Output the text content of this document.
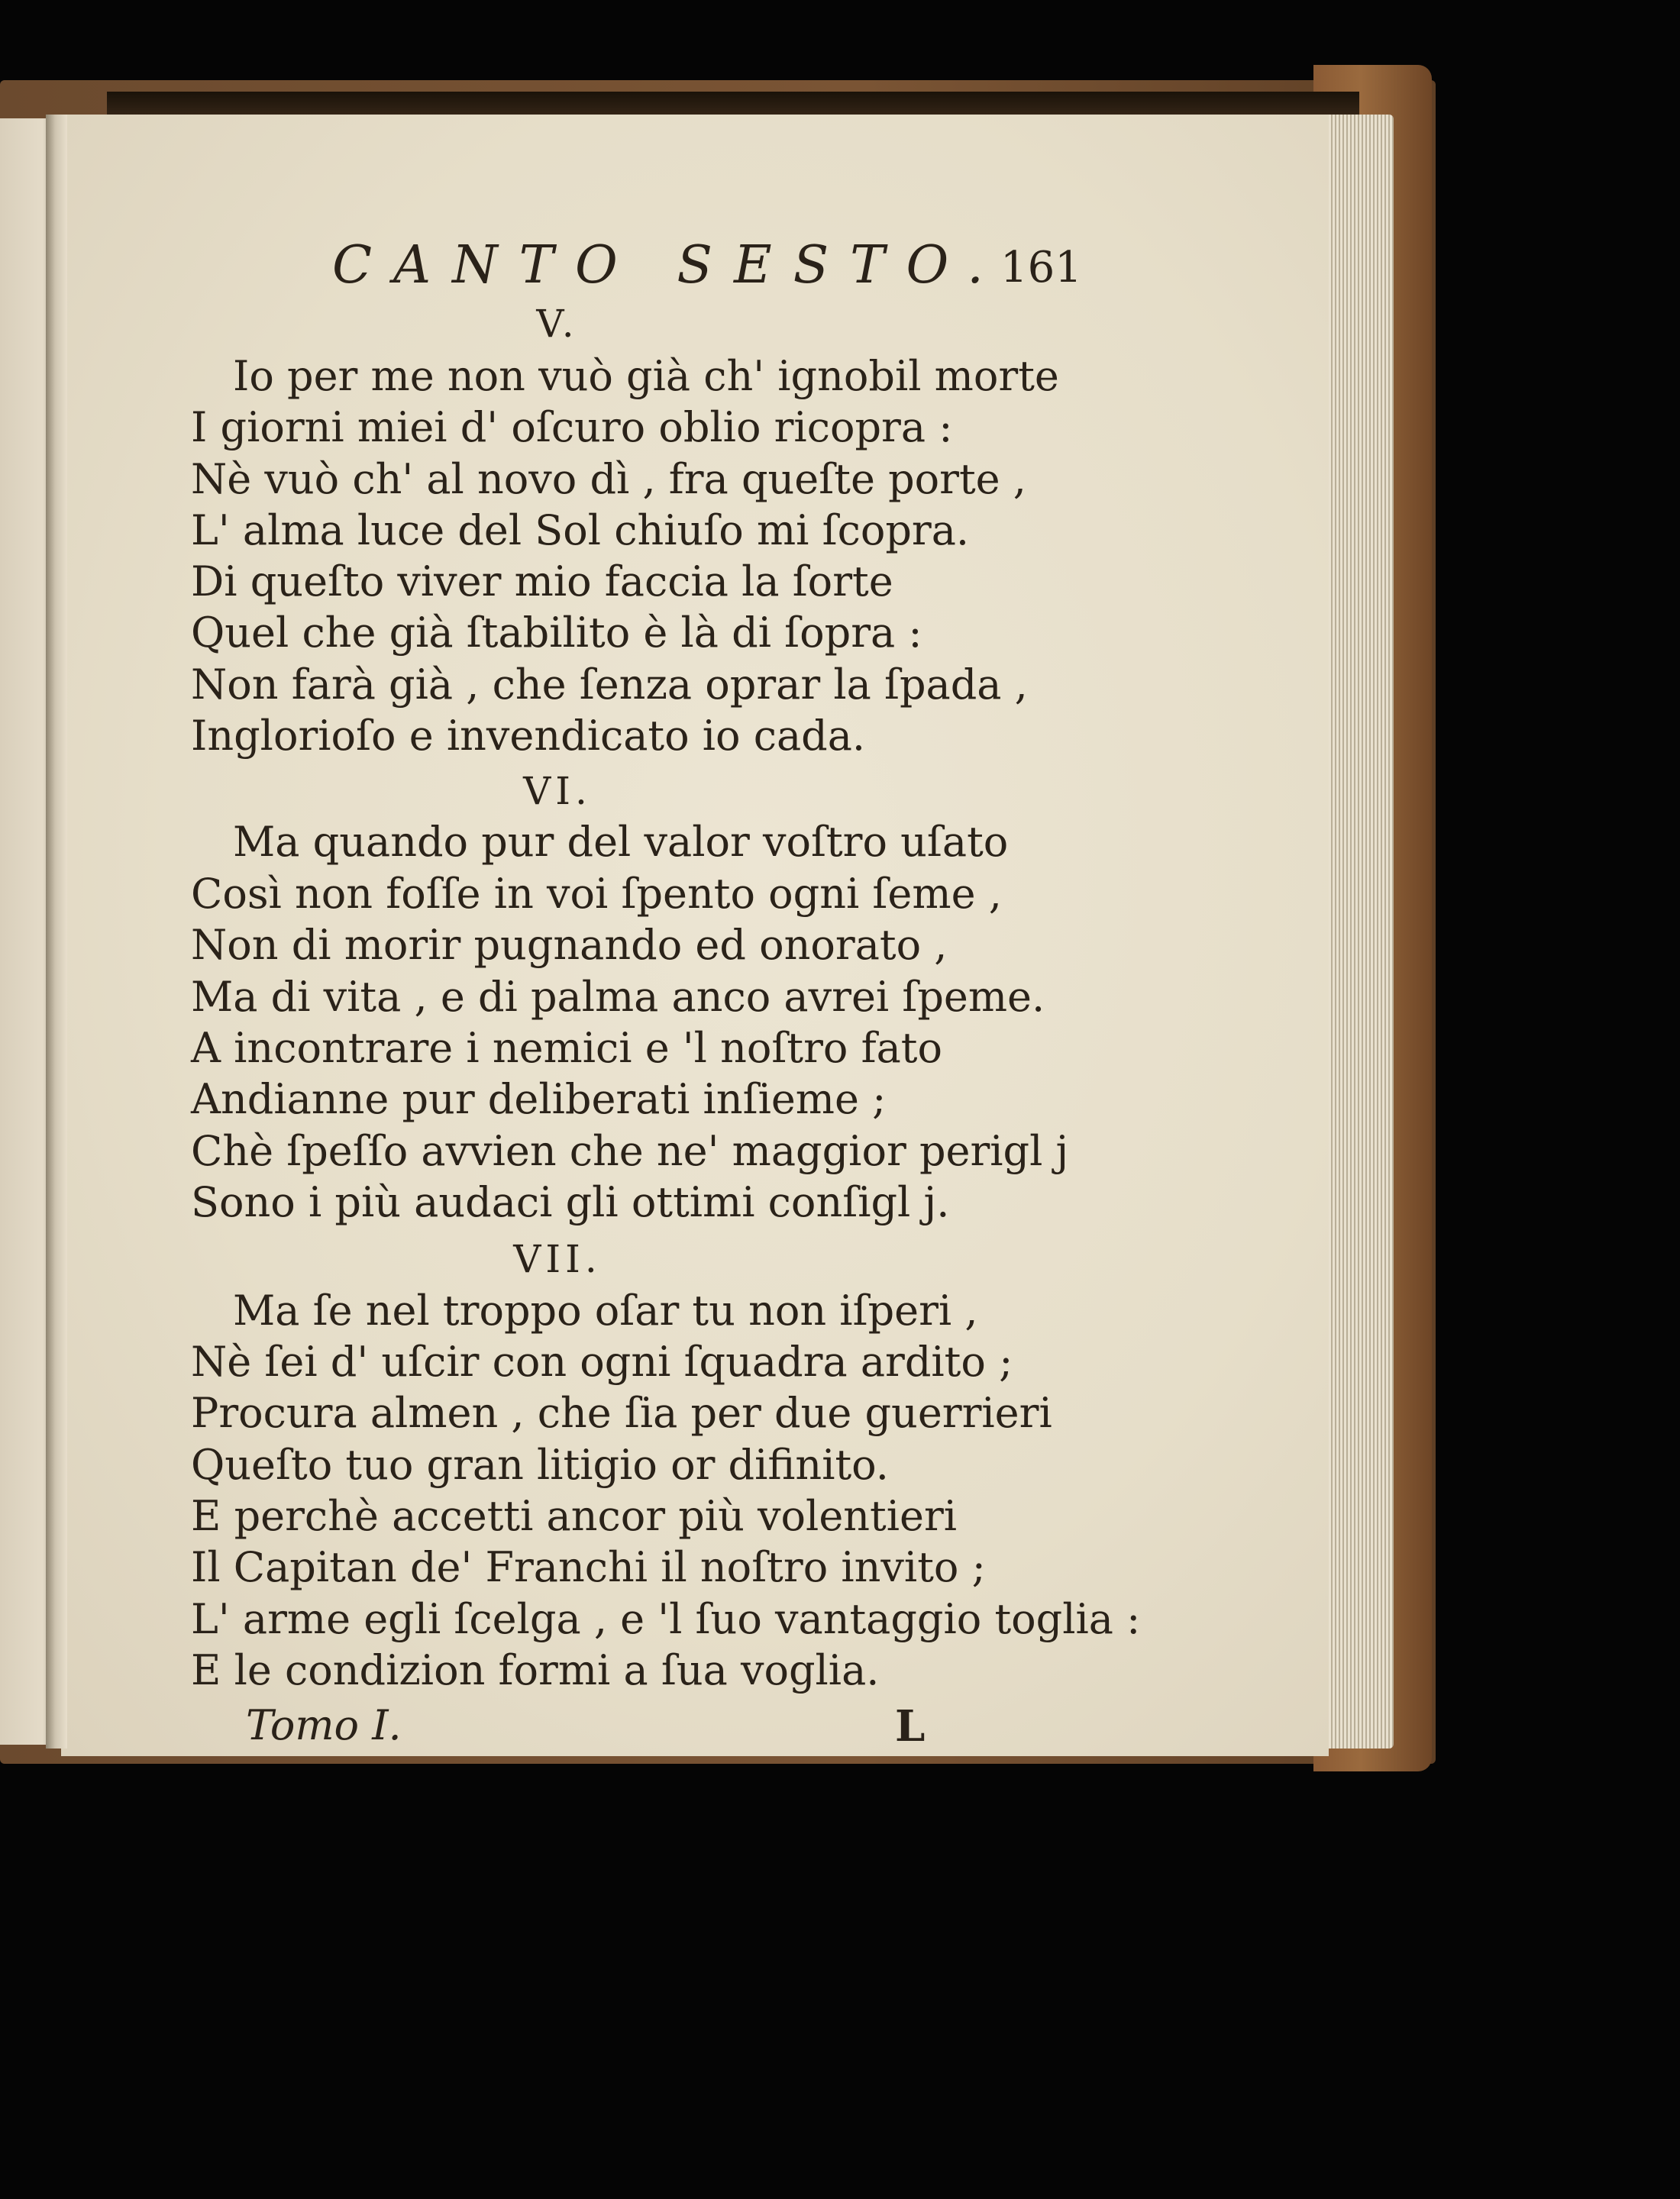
CANTO SESTO.
161
V.
Io per me non vuò già ch' ignobil morte
I giorni miei d' oſcuro oblio ricopra :
Nè vuò ch' al novo dì , fra queſte porte ,
L' alma luce del Sol chiuſo mi ſcopra.
Di queſto viver mio faccia la ſorte
Quel che già ſtabilito è là di ſopra :
Non farà già , che ſenza oprar la ſpada ,
Inglorioſo e invendicato io cada.
VI.
Ma quando pur del valor voſtro uſato
Così non foſſe in voi ſpento ogni ſeme ,
Non di morir pugnando ed onorato ,
Ma di vita , e di palma anco avrei ſpeme.
A incontrare i nemici e 'l noſtro fato
Andianne pur deliberati inſieme ;
Chè ſpeſſo avvien che ne' maggior perigl j
Sono i più audaci gli ottimi conſigl j.
VII.
Ma ſe nel troppo oſar tu non iſperi ,
Nè ſei d' uſcir con ogni ſquadra ardito ;
Procura almen , che ſia per due guerrieri
Queſto tuo gran litigio or difinito.
E perchè accetti ancor più volentieri
Il Capitan de' Franchi il noſtro invito ;
L' arme egli ſcelga , e 'l ſuo vantaggio toglia :
E le condizion formi a ſua voglia.
Tomo I.	L
